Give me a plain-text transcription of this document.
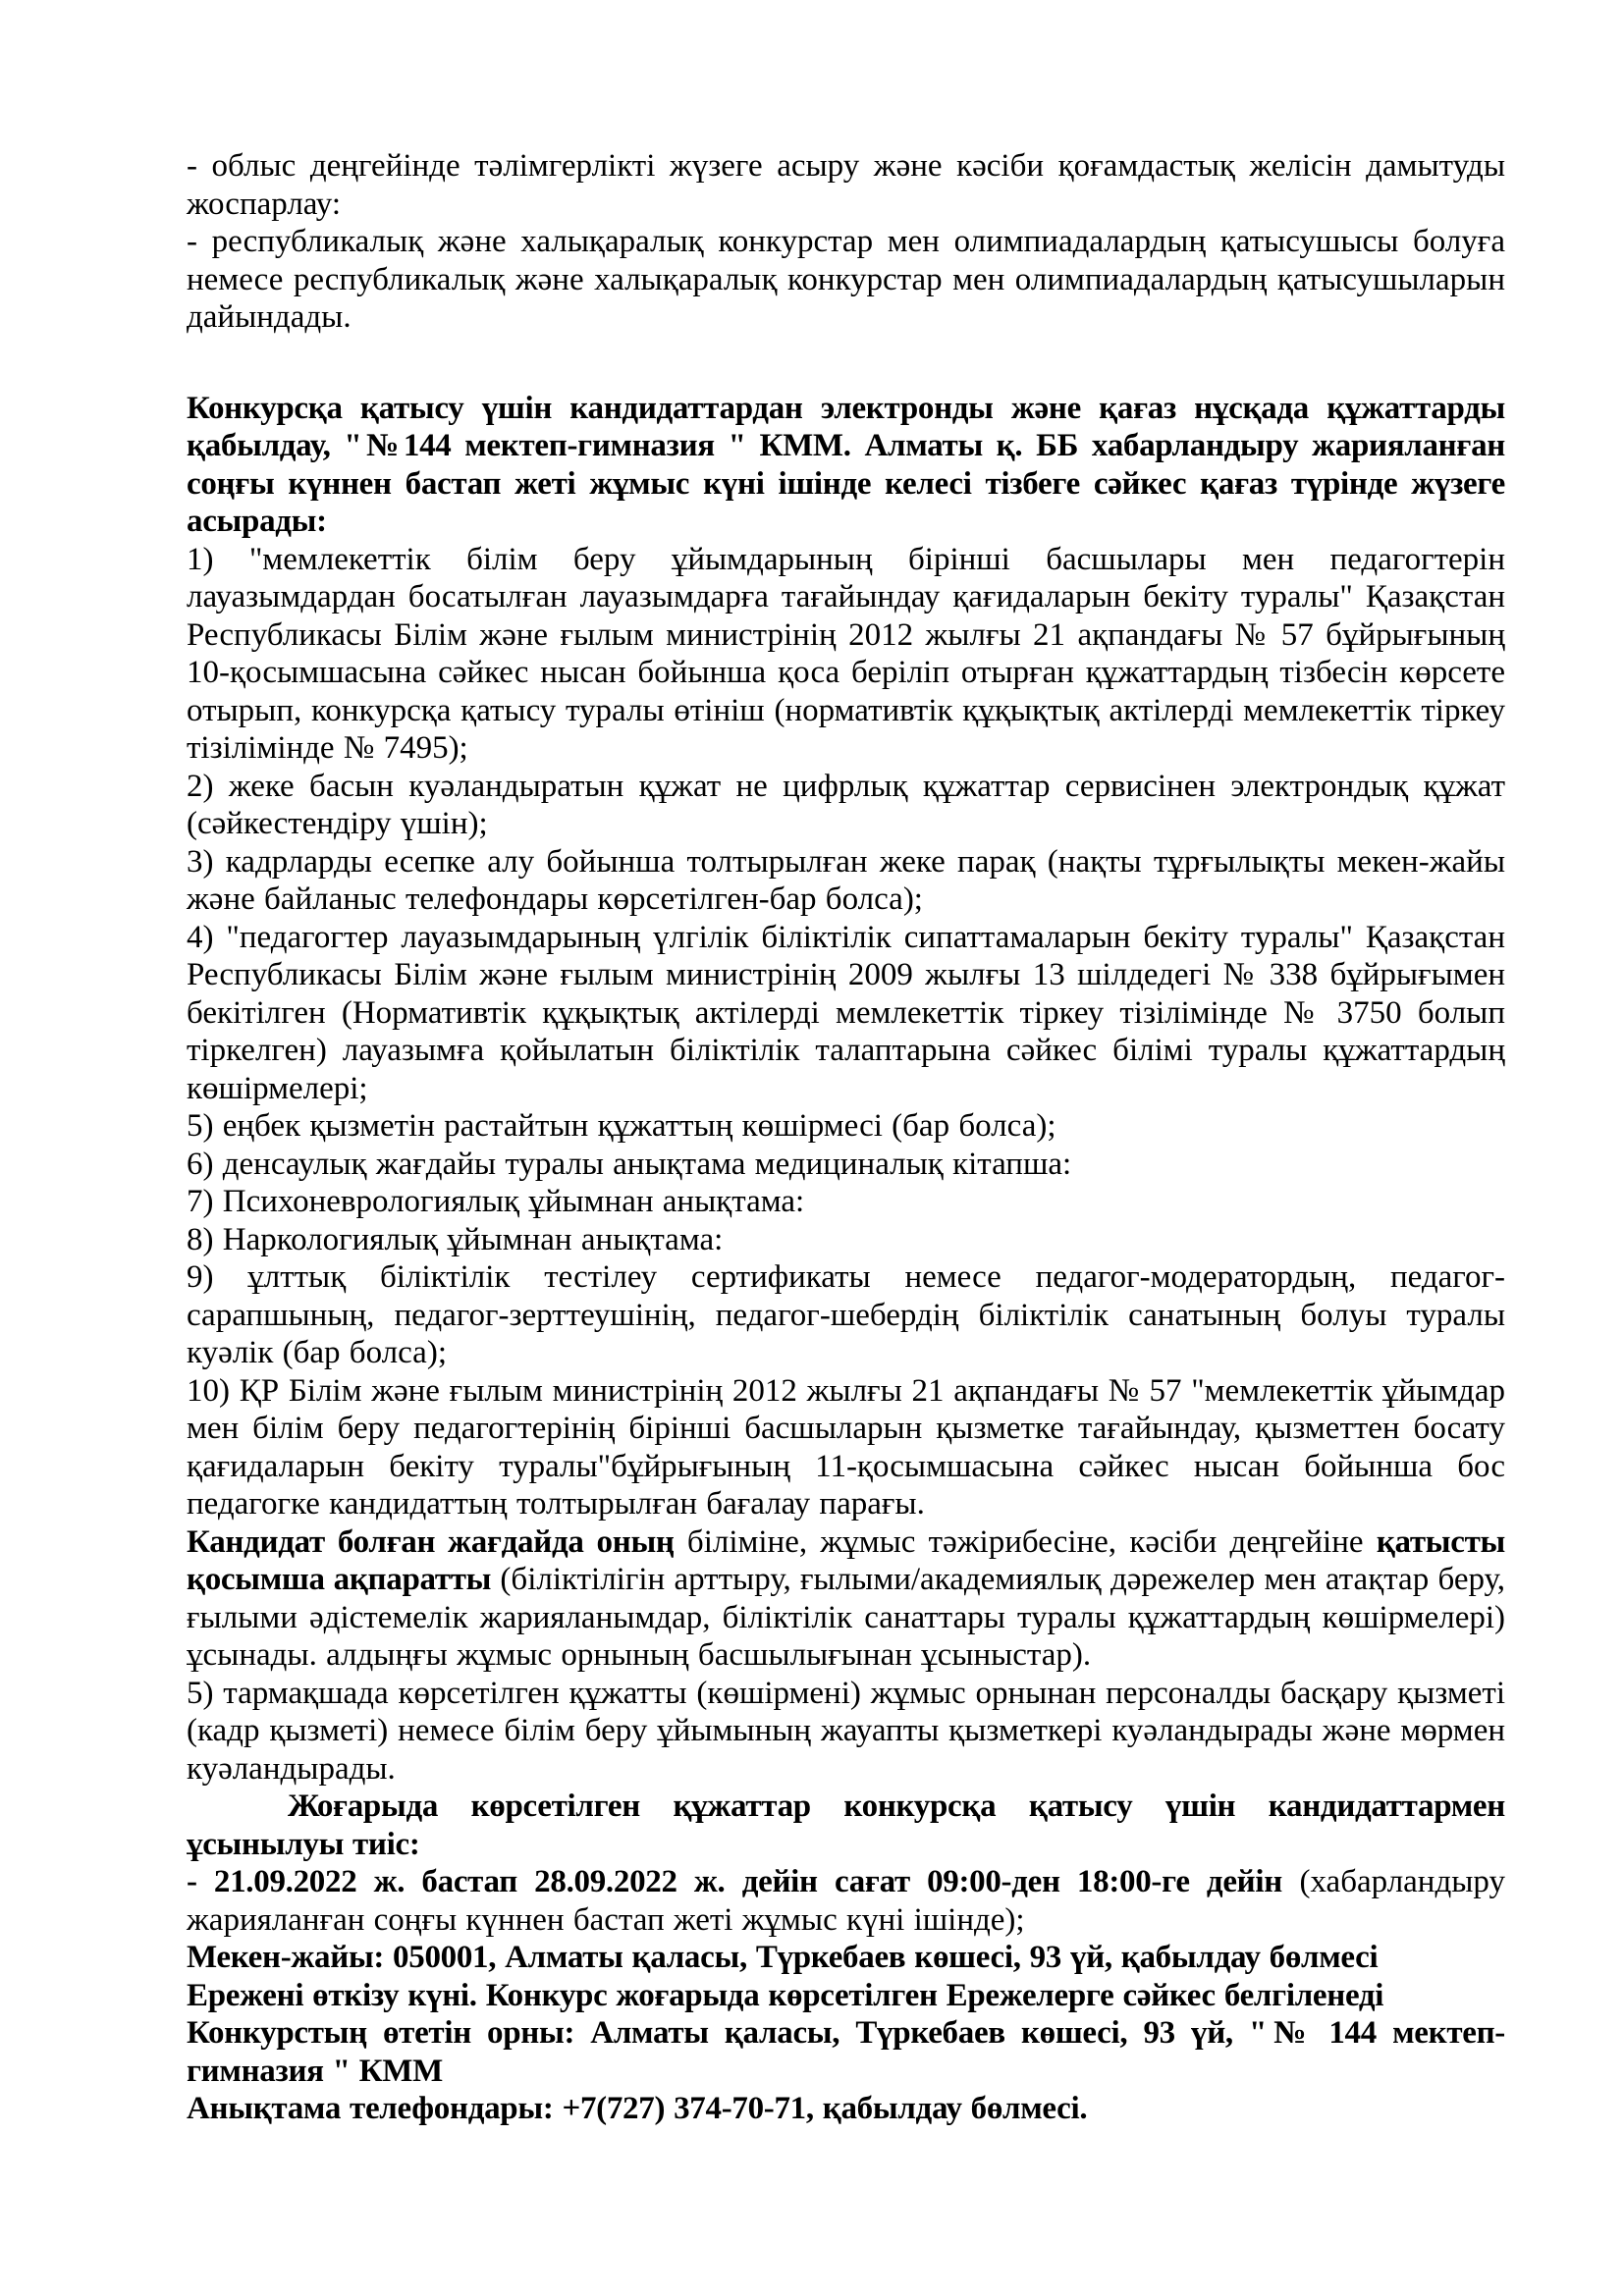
- облыс деңгейінде тәлімгерлікті жүзеге асыру және кәсіби қоғамдастық желісін дамытуды жоспарлау:

- республикалық және халықаралық конкурстар мен олимпиадалардың қатысушысы болуға немесе республикалық және халықаралық конкурстар мен олимпиадалардың қатысушыларын дайындады.

Конкурсқа қатысу үшін кандидаттардан электронды және қағаз нұсқада құжаттарды қабылдау, "№144 мектеп-гимназия " КММ. Алматы қ. ББ хабарландыру жарияланған соңғы күннен бастап жеті жұмыс күні ішінде келесі тізбеге сәйкес қағаз түрінде жүзеге асырады:

1) "мемлекеттік білім беру ұйымдарының бірінші басшылары мен педагогтерін лауазымдардан босатылған лауазымдарға тағайындау қағидаларын бекіту туралы" Қазақстан Республикасы Білім және ғылым министрінің 2012 жылғы 21 ақпандағы № 57 бұйрығының 10-қосымшасына сәйкес нысан бойынша қоса беріліп отырған құжаттардың тізбесін көрсете отырып, конкурсқа қатысу туралы өтініш (нормативтік құқықтық актілерді мемлекеттік тіркеу тізілімінде № 7495);

2) жеке басын куәландыратын құжат не цифрлық құжаттар сервисінен электрондық құжат (сәйкестендіру үшін);

3) кадрларды есепке алу бойынша толтырылған жеке парақ (нақты тұрғылықты мекен-жайы және байланыс телефондары көрсетілген-бар болса);

4) "педагогтер лауазымдарының үлгілік біліктілік сипаттамаларын бекіту туралы" Қазақстан Республикасы Білім және ғылым министрінің 2009 жылғы 13 шілдедегі № 338 бұйрығымен бекітілген (Нормативтік құқықтық актілерді мемлекеттік тіркеу тізілімінде № 3750 болып тіркелген) лауазымға қойылатын біліктілік талаптарына сәйкес білімі туралы құжаттардың көшірмелері;

5) еңбек қызметін растайтын құжаттың көшірмесі (бар болса);

6) денсаулық жағдайы туралы анықтама медициналық кітапша:

7) Психоневрологиялық ұйымнан анықтама:

8) Наркологиялық ұйымнан анықтама:

9) ұлттық біліктілік тестілеу сертификаты немесе педагог-модератордың, педагог-сарапшының, педагог-зерттеушінің, педагог-шебердің біліктілік санатының болуы туралы куәлік (бар болса);

10) ҚР Білім және ғылым министрінің 2012 жылғы 21 ақпандағы № 57 "мемлекеттік ұйымдар мен білім беру педагогтерінің бірінші басшыларын қызметке тағайындау, қызметтен босату қағидаларын бекіту туралы"бұйрығының 11-қосымшасына сәйкес нысан бойынша бос педагогке кандидаттың толтырылған бағалау парағы.

Кандидат болған жағдайда оның біліміне, жұмыс тәжірибесіне, кәсіби деңгейіне қатысты қосымша ақпаратты (біліктілігін арттыру, ғылыми/академиялық дәрежелер мен атақтар беру, ғылыми әдістемелік жарияланымдар, біліктілік санаттары туралы құжаттардың көшірмелері) ұсынады. алдыңғы жұмыс орнының басшылығынан ұсыныстар).

5) тармақшада көрсетілген құжатты (көшірмені) жұмыс орнынан персоналды басқару қызметі (кадр қызметі) немесе білім беру ұйымының жауапты қызметкері куәландырады және мөрмен куәландырады.

Жоғарыда көрсетілген құжаттар конкурсқа қатысу үшін кандидаттармен ұсынылуы тиіс:

- 21.09.2022 ж. бастап 28.09.2022 ж. дейін сағат 09:00-ден 18:00-ге дейін (хабарландыру жарияланған соңғы күннен бастап жеті жұмыс күні ішінде);

Мекен-жайы: 050001, Алматы қаласы, Түркебаев көшесі, 93 үй, қабылдау бөлмесі

Ережені өткізу күні. Конкурс жоғарыда көрсетілген Ережелерге сәйкес белгіленеді

Конкурстың өтетін орны: Алматы қаласы, Түркебаев көшесі, 93 үй, "№ 144 мектеп-гимназия " КММ

Анықтама телефондары: +7(727) 374-70-71, қабылдау бөлмесі.
